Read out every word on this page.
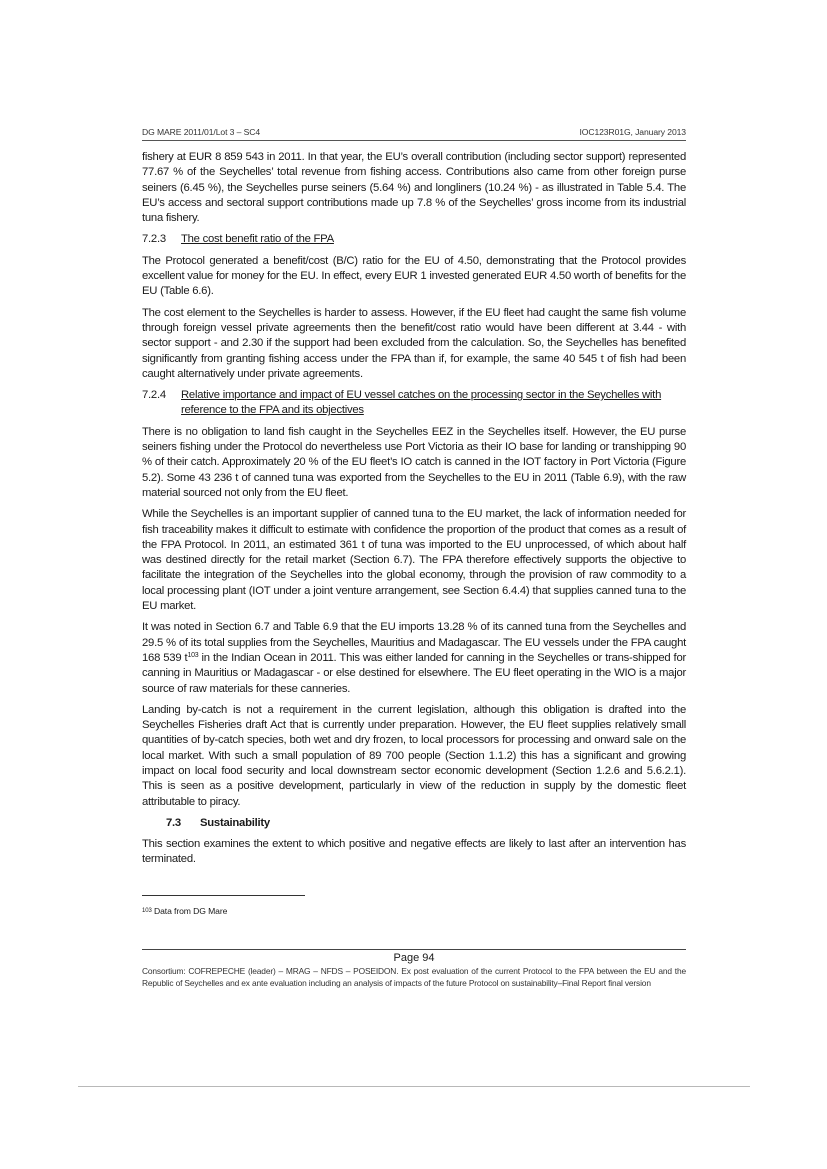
DG MARE 2011/01/Lot 3 – SC4	IOC123R01G, January 2013

fishery at EUR 8 859 543 in 2011. In that year, the EU’s overall contribution (including sector support) represented 77.67 % of the Seychelles’ total revenue from fishing access. Contributions also came from other foreign purse seiners (6.45 %), the Seychelles purse seiners (5.64 %) and longliners (10.24 %) - as illustrated in Table 5.4. The EU’s access and sectoral support contributions made up 7.8 % of the Seychelles’ gross income from its industrial tuna fishery.

7.2.3	The cost benefit ratio of the FPA

The Protocol generated a benefit/cost (B/C) ratio for the EU of 4.50, demonstrating that the Protocol provides excellent value for money for the EU. In effect, every EUR 1 invested generated EUR 4.50 worth of benefits for the EU (Table 6.6).

The cost element to the Seychelles is harder to assess. However, if the EU fleet had caught the same fish volume through foreign vessel private agreements then the benefit/cost ratio would have been different at 3.44 - with sector support - and 2.30 if the support had been excluded from the calculation. So, the Seychelles has benefited significantly from granting fishing access under the FPA than if, for example, the same 40 545 t of fish had been caught alternatively under private agreements.

7.2.4	Relative importance and impact of EU vessel catches on the processing sector in the Seychelles with reference to the FPA and its objectives

There is no obligation to land fish caught in the Seychelles EEZ in the Seychelles itself. However, the EU purse seiners fishing under the Protocol do nevertheless use Port Victoria as their IO base for landing or transhipping 90 % of their catch. Approximately 20 % of the EU fleet’s IO catch is canned in the IOT factory in Port Victoria (Figure 5.2). Some 43 236 t of canned tuna was exported from the Seychelles to the EU in 2011 (Table 6.9), with the raw material sourced not only from the EU fleet.

While the Seychelles is an important supplier of canned tuna to the EU market, the lack of information needed for fish traceability makes it difficult to estimate with confidence the proportion of the product that comes as a result of the FPA Protocol. In 2011, an estimated 361 t of tuna was imported to the EU unprocessed, of which about half was destined directly for the retail market (Section 6.7). The FPA therefore effectively supports the objective to facilitate the integration of the Seychelles into the global economy, through the provision of raw commodity to a local processing plant (IOT under a joint venture arrangement, see Section 6.4.4) that supplies canned tuna to the EU market.

It was noted in Section 6.7 and Table 6.9 that the EU imports 13.28 % of its canned tuna from the Seychelles and 29.5 % of its total supplies from the Seychelles, Mauritius and Madagascar. The EU vessels under the FPA caught 168 539 $t^{103}$ in the Indian Ocean in 2011. This was either landed for canning in the Seychelles or trans-shipped for canning in Mauritius or Madagascar - or else destined for elsewhere. The EU fleet operating in the WIO is a major source of raw materials for these canneries.

Landing by-catch is not a requirement in the current legislation, although this obligation is drafted into the Seychelles Fisheries draft Act that is currently under preparation. However, the EU fleet supplies relatively small quantities of by-catch species, both wet and dry frozen, to local processors for processing and onward sale on the local market. With such a small population of 89 700 people (Section 1.1.2) this has a significant and growing impact on local food security and local downstream sector economic development (Section 1.2.6 and 5.6.2.1). This is seen as a positive development, particularly in view of the reduction in supply by the domestic fleet attributable to piracy.

7.3	Sustainability

This section examines the extent to which positive and negative effects are likely to last after an intervention has terminated.

$^{103}$ Data from DG Mare
Page 94
Consortium: COFREPECHE (leader) – MRAG – NFDS – POSEIDON. Ex post evaluation of the current Protocol to the FPA between the EU and the Republic of Seychelles and ex ante evaluation including an analysis of impacts of the future Protocol on sustainability–Final Report final version
